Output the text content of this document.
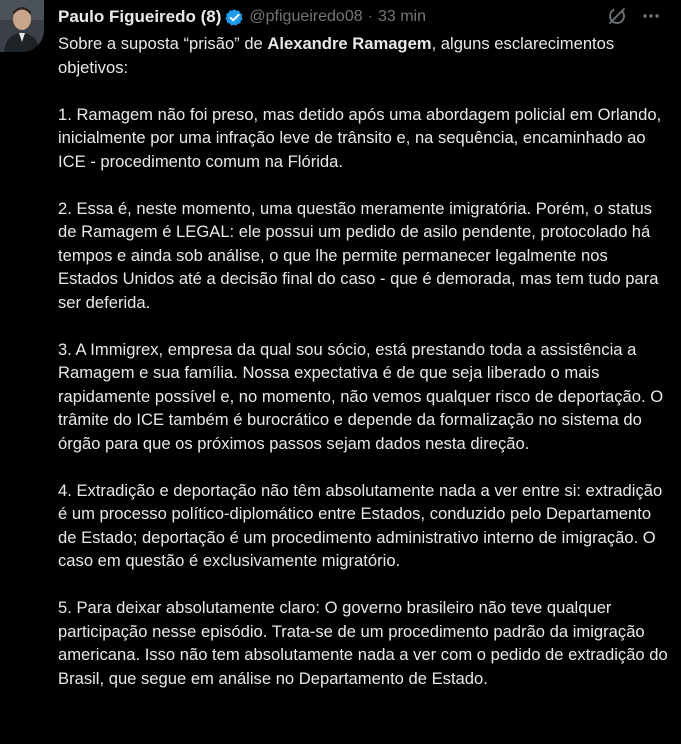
Paulo Figueiredo (8) @pfigueiredo08 · 33 min

Sobre a suposta “prisão” de Alexandre Ramagem, alguns esclarecimentos objetivos:

1. Ramagem não foi preso, mas detido após uma abordagem policial em Orlando, inicialmente por uma infração leve de trânsito e, na sequência, encaminhado ao ICE - procedimento comum na Flórida.

2. Essa é, neste momento, uma questão meramente imigratória. Porém, o status de Ramagem é LEGAL: ele possui um pedido de asilo pendente, protocolado há tempos e ainda sob análise, o que lhe permite permanecer legalmente nos Estados Unidos até a decisão final do caso - que é demorada, mas tem tudo para ser deferida.

3. A Immigrex, empresa da qual sou sócio, está prestando toda a assistência a Ramagem e sua família. Nossa expectativa é de que seja liberado o mais rapidamente possível e, no momento, não vemos qualquer risco de deportação. O trâmite do ICE também é burocrático e depende da formalização no sistema do órgão para que os próximos passos sejam dados nesta direção.

4. Extradição e deportação não têm absolutamente nada a ver entre si: extradição é um processo político-diplomático entre Estados, conduzido pelo Departamento de Estado; deportação é um procedimento administrativo interno de imigração. O caso em questão é exclusivamente migratório.

5. Para deixar absolutamente claro: O governo brasileiro não teve qualquer participação nesse episódio. Trata-se de um procedimento padrão da imigração americana. Isso não tem absolutamente nada a ver com o pedido de extradição do Brasil, que segue em análise no Departamento de Estado.
